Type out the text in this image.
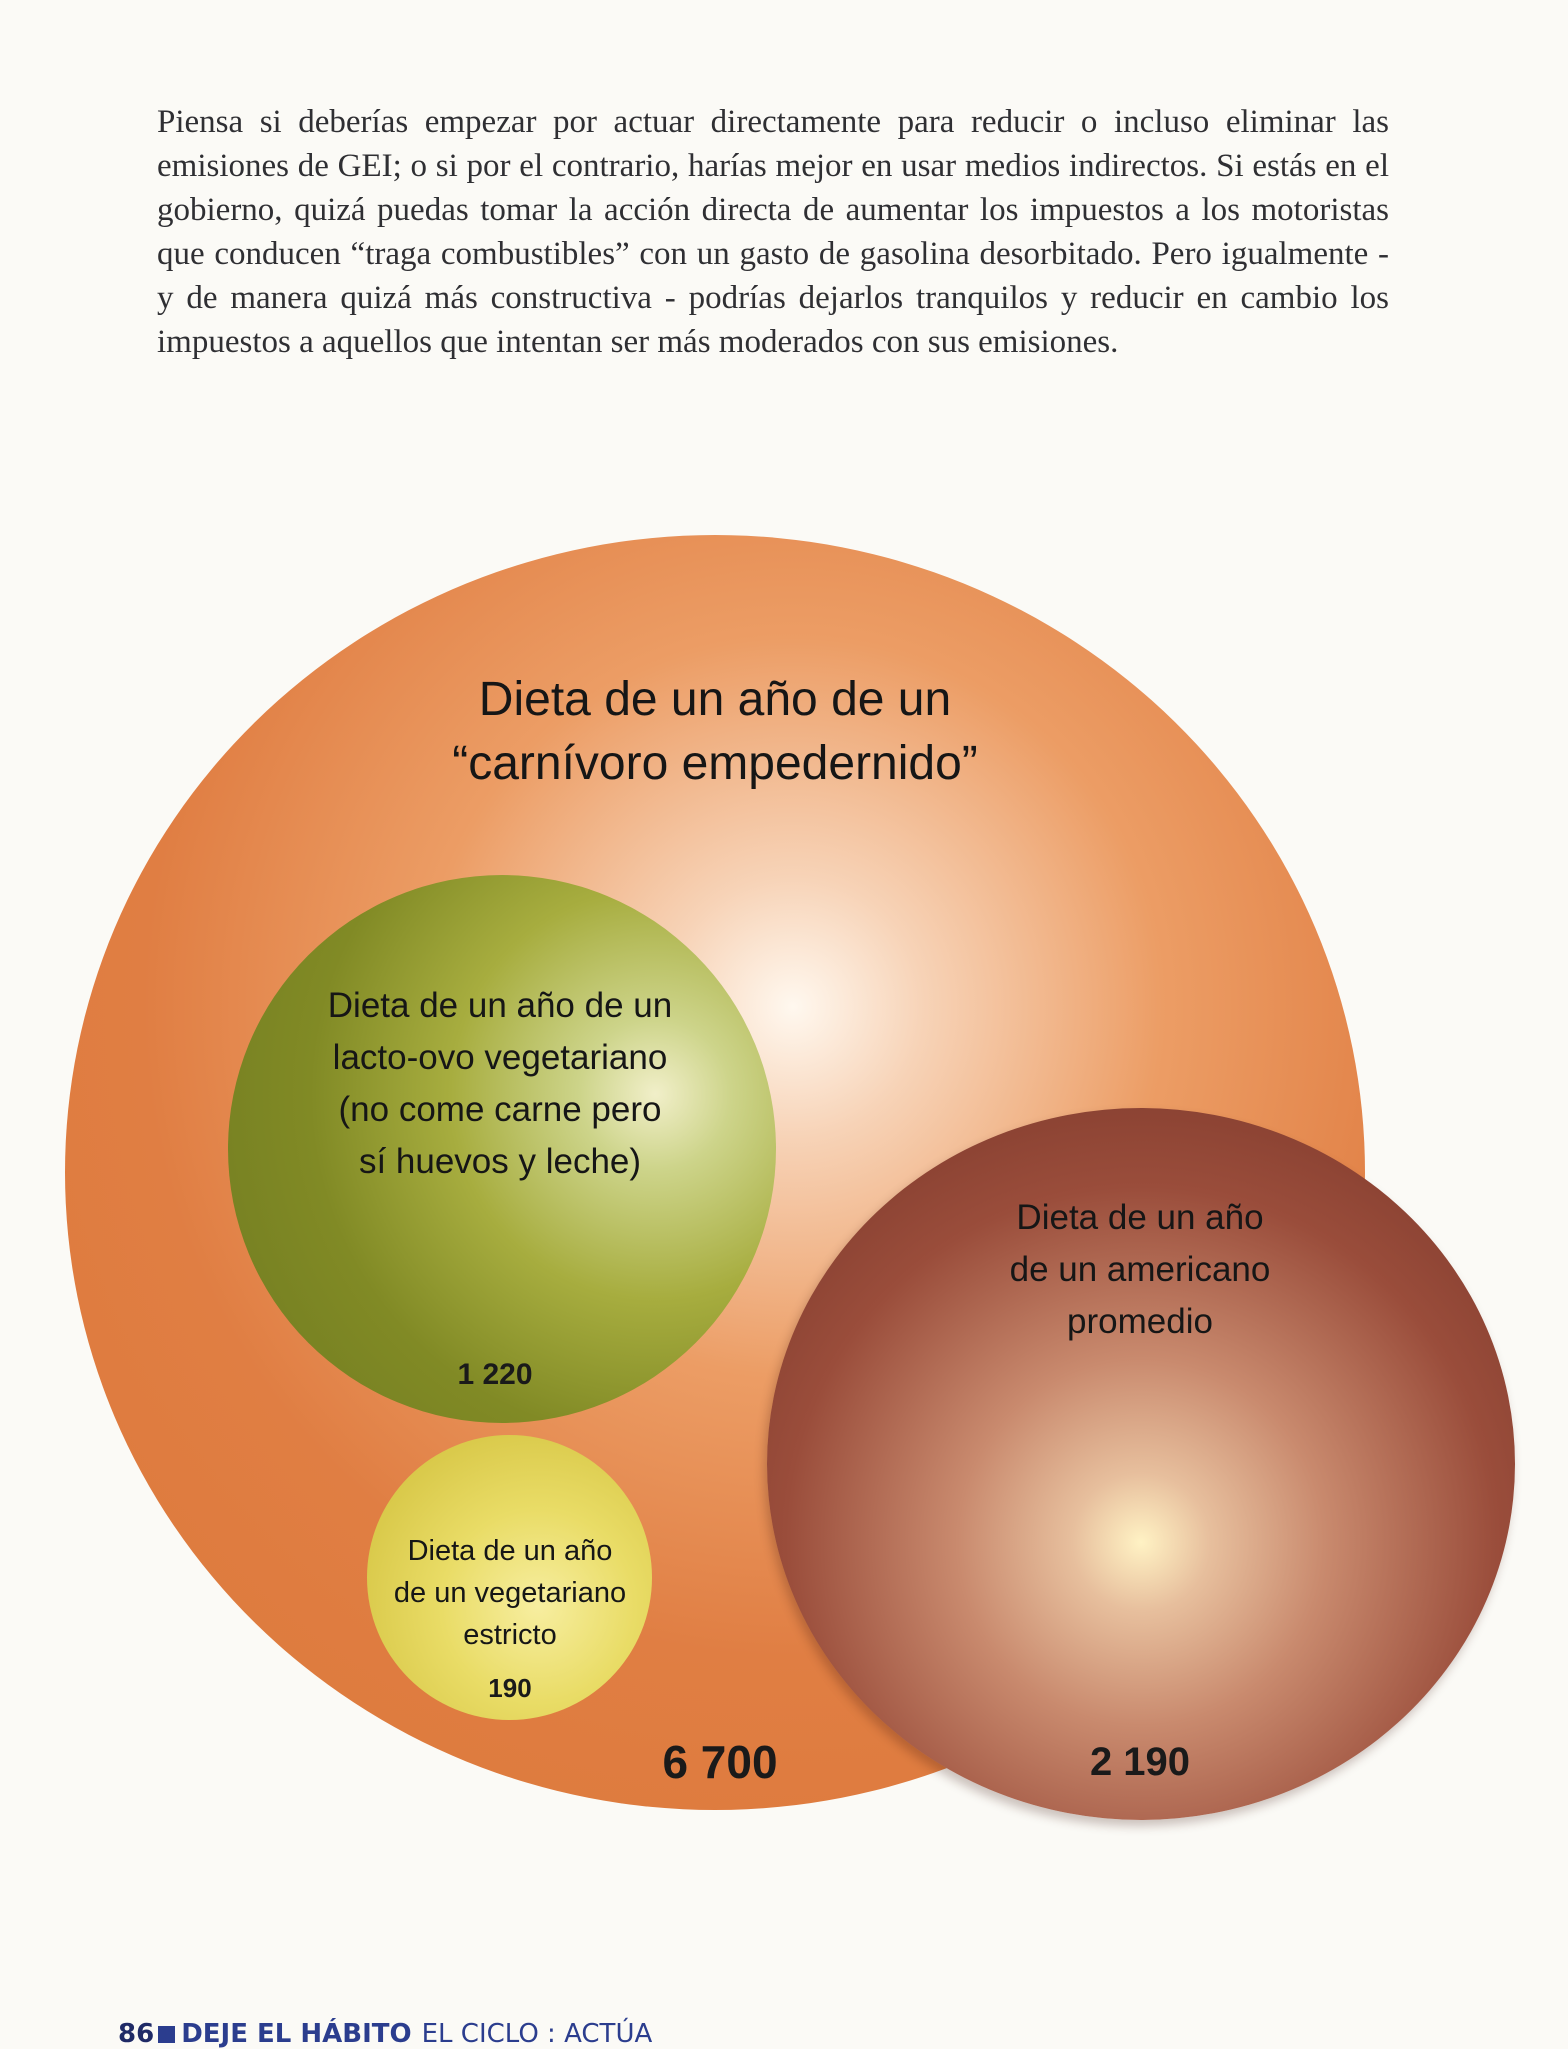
Piensa si deberías empezar por actuar directamente para reducir o incluso eliminar las emisiones de GEI; o si por el contrario, harías mejor en usar medios indirectos. Si estás en el gobierno, quizá puedas tomar la acción directa de aumentar los impuestos a los motoristas que conducen “traga combustibles” con un gasto de gasolina desorbitado. Pero igualmente - y de manera quizá más constructiva - podrías dejarlos tranquilos y reducir en cambio los impuestos a aquellos que intentan ser más moderados con sus emisiones.

Dieta de un año de un
“carnívoro empedernido”

Dieta de un año de un
lacto-ovo vegetariano
(no come carne pero
sí huevos y leche)

Dieta de un año
de un americano
promedio

Dieta de un año
de un vegetariano
estricto

1 220

190

6 700	2 190

86 DEJE EL HÁBITO EL CICLO : ACTÚA
